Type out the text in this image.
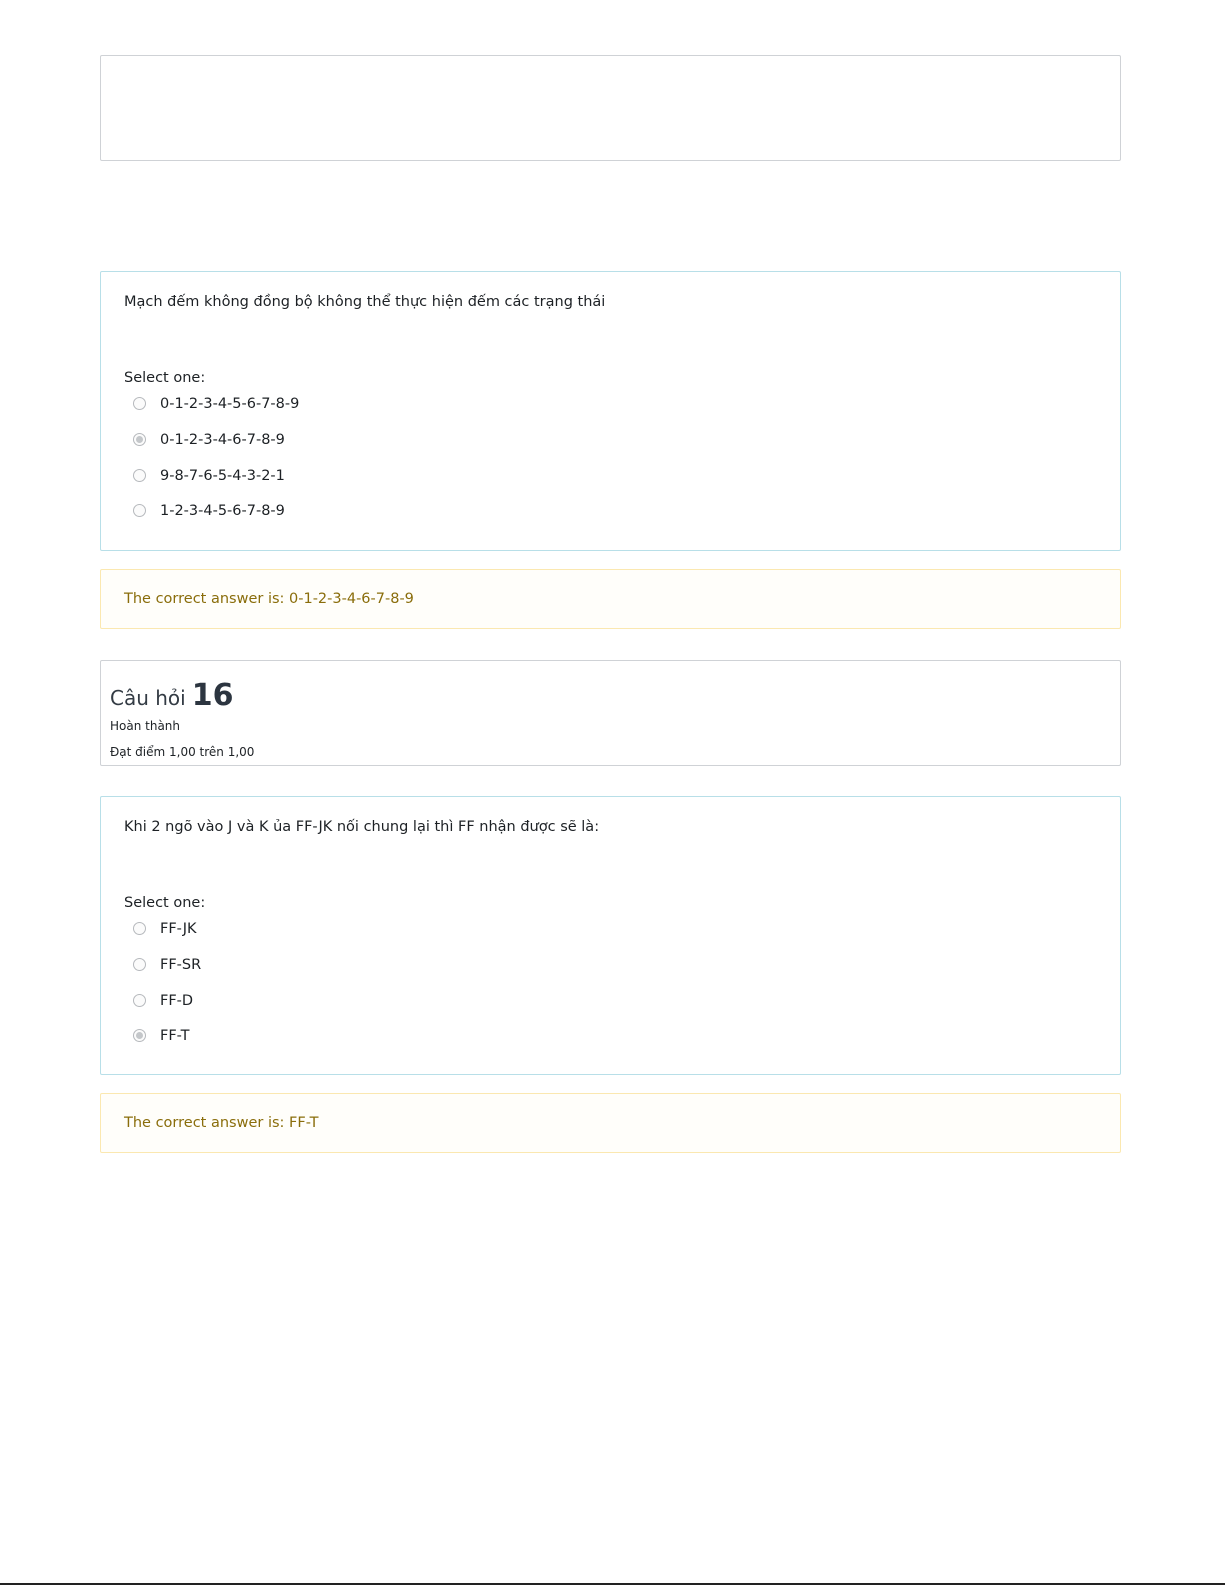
Mạch đếm không đồng bộ không thể thực hiện đếm các trạng thái

Select one:
0-1-2-3-4-5-6-7-8-9
0-1-2-3-4-6-7-8-9
9-8-7-6-5-4-3-2-1
1-2-3-4-5-6-7-8-9
The correct answer is: 0-1-2-3-4-6-7-8-9
Câu hỏi 16
Hoàn thành
Đạt điểm 1,00 trên 1,00

Khi 2 ngõ vào J và K ủa FF-JK nối chung lại thì FF nhận được sẽ là:

Select one:
FF-JK
FF-SR
FF-D
FF-T
The correct answer is: FF-T
